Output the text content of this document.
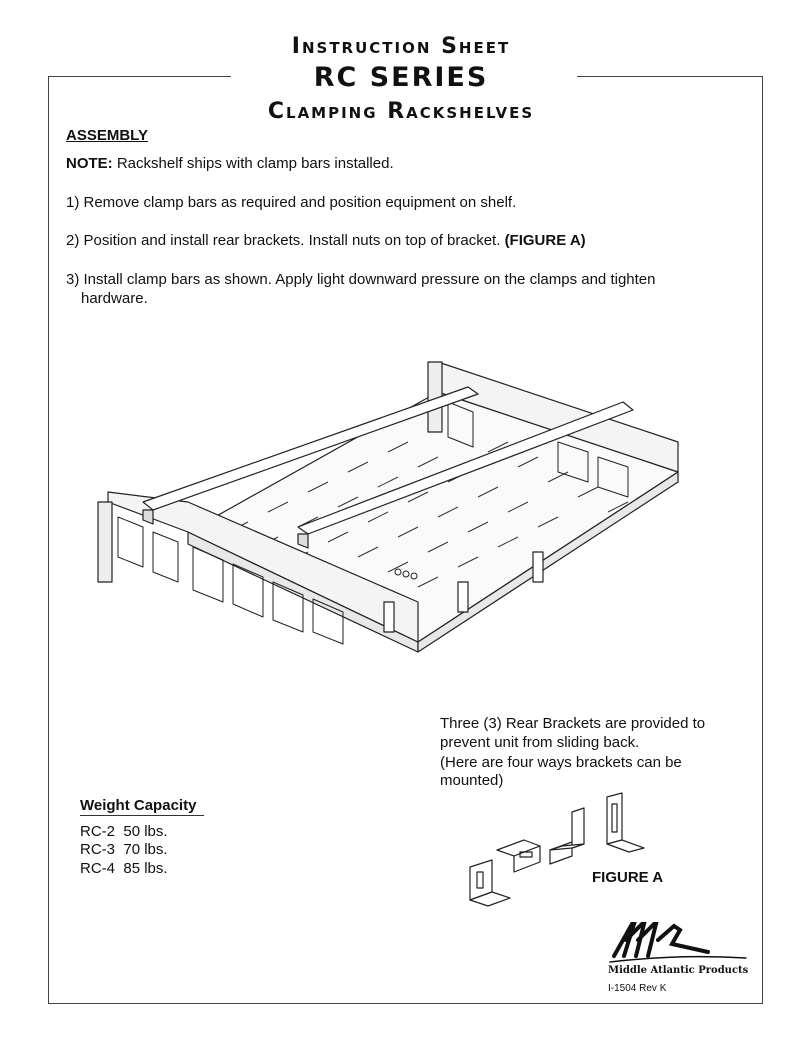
Instruction Sheet
RC SERIES
Clamping Rackshelves
ASSEMBLY
NOTE: Rackshelf ships with clamp bars installed.
1) Remove clamp bars as required and position equipment on shelf.
2) Position and install rear brackets. Install nuts on top of bracket. (FIGURE A)
3) Install clamp bars as shown. Apply light downward pressure on the clamps and tighten
hardware.
Three (3) Rear Brackets are provided to
prevent unit from sliding back.
(Here are four ways brackets can be
mounted)
Weight Capacity
RC-2 50 lbs.
RC-3 70 lbs.
RC-4 85 lbs.
FIGURE A
Middle Atlantic Products
I-1504 Rev K
